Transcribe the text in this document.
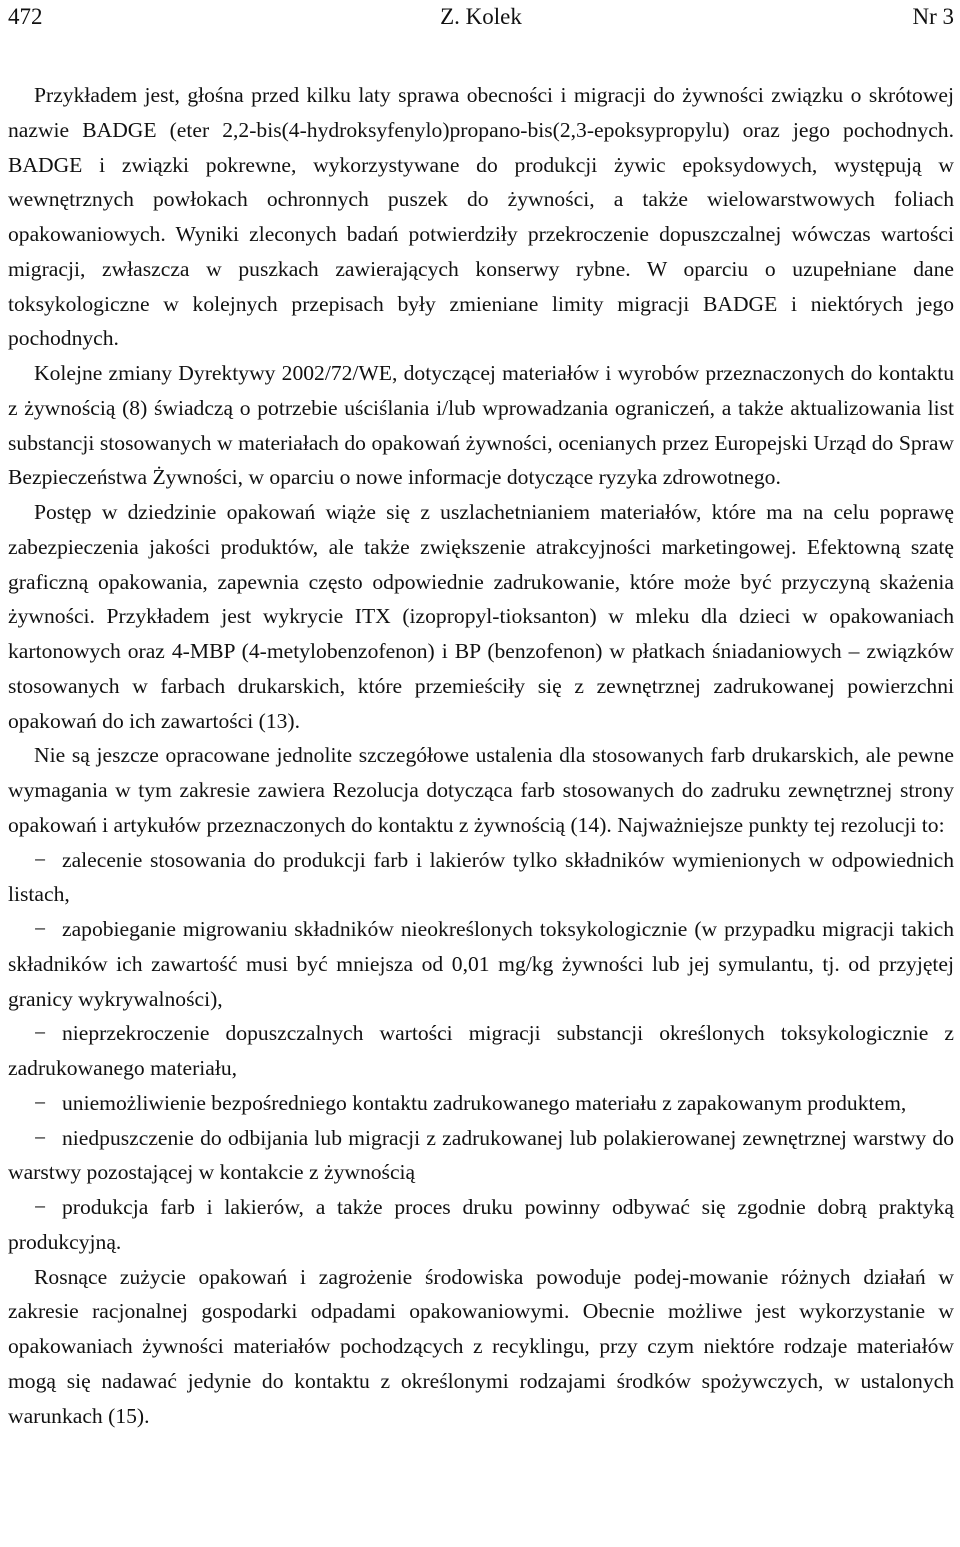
472	Z. Kolek	Nr 3

Przykładem jest, głośna przed kilku laty sprawa obecności i migracji do żywności związku o skrótowej nazwie BADGE (eter 2,2-bis(4-hydroksyfenylo)propano-bis(2,3-epoksypropylu) oraz jego pochodnych. BADGE i związki pokrewne, wykorzystywane do produkcji żywic epoksydowych, występują w wewnętrznych powłokach ochronnych puszek do żywności, a także wielowarstwowych foliach opakowaniowych. Wyniki zleconych badań potwierdziły przekroczenie dopuszczalnej wówczas wartości migracji, zwłaszcza w puszkach zawierających konserwy rybne. W oparciu o uzupełniane dane toksykologiczne w kolejnych przepisach były zmieniane limity migracji BADGE i niektórych jego pochodnych.

Kolejne zmiany Dyrektywy 2002/72/WE, dotyczącej materiałów i wyrobów przeznaczonych do kontaktu z żywnością (8) świadczą o potrzebie uściślania i/lub wprowadzania ograniczeń, a także aktualizowania list substancji stosowanych w materiałach do opakowań żywności, ocenianych przez Europejski Urząd do Spraw Bezpieczeństwa Żywności, w oparciu o nowe informacje dotyczące ryzyka zdrowotnego.

Postęp w dziedzinie opakowań wiąże się z uszlachetnianiem materiałów, które ma na celu poprawę zabezpieczenia jakości produktów, ale także zwiększenie atrakcyjności marketingowej. Efektowną szatę graficzną opakowania, zapewnia często odpowiednie zadrukowanie, które może być przyczyną skażenia żywności. Przykładem jest wykrycie ITX (izopropyl-tioksanton) w mleku dla dzieci w opakowaniach kartonowych oraz 4-MBP (4-metylobenzofenon) i BP (benzofenon) w płatkach śniadaniowych – związków stosowanych w farbach drukarskich, które przemieściły się z zewnętrznej zadrukowanej powierzchni opakowań do ich zawartości (13).

Nie są jeszcze opracowane jednolite szczegółowe ustalenia dla stosowanych farb drukarskich, ale pewne wymagania w tym zakresie zawiera Rezolucja dotycząca farb stosowanych do zadruku zewnętrznej strony opakowań i artykułów przeznaczonych do kontaktu z żywnością (14). Najważniejsze punkty tej rezolucji to:

− zalecenie stosowania do produkcji farb i lakierów tylko składników wymienionych w odpowiednich listach,
− zapobieganie migrowaniu składników nieokreślonych toksykologicznie (w przypadku migracji takich składników ich zawartość musi być mniejsza od 0,01 mg/kg żywności lub jej symulantu, tj. od przyjętej granicy wykrywalności),
− nieprzekroczenie dopuszczalnych wartości migracji substancji określonych toksykologicznie z zadrukowanego materiału,
− uniemożliwienie bezpośredniego kontaktu zadrukowanego materiału z zapakowanym produktem,
− niedpuszczenie do odbijania lub migracji z zadrukowanej lub polakierowanej zewnętrznej warstwy do warstwy pozostającej w kontakcie z żywnością
− produkcja farb i lakierów, a także proces druku powinny odbywać się zgodnie dobrą praktyką produkcyjną.

Rosnące zużycie opakowań i zagrożenie środowiska powoduje podej-mowanie różnych działań w zakresie racjonalnej gospodarki odpadami opakowaniowymi. Obecnie możliwe jest wykorzystanie w opakowaniach żywności materiałów pochodzących z recyklingu, przy czym niektóre rodzaje materiałów mogą się nadawać jedynie do kontaktu z określonymi rodzajami środków spożywczych, w ustalonych warunkach (15).
